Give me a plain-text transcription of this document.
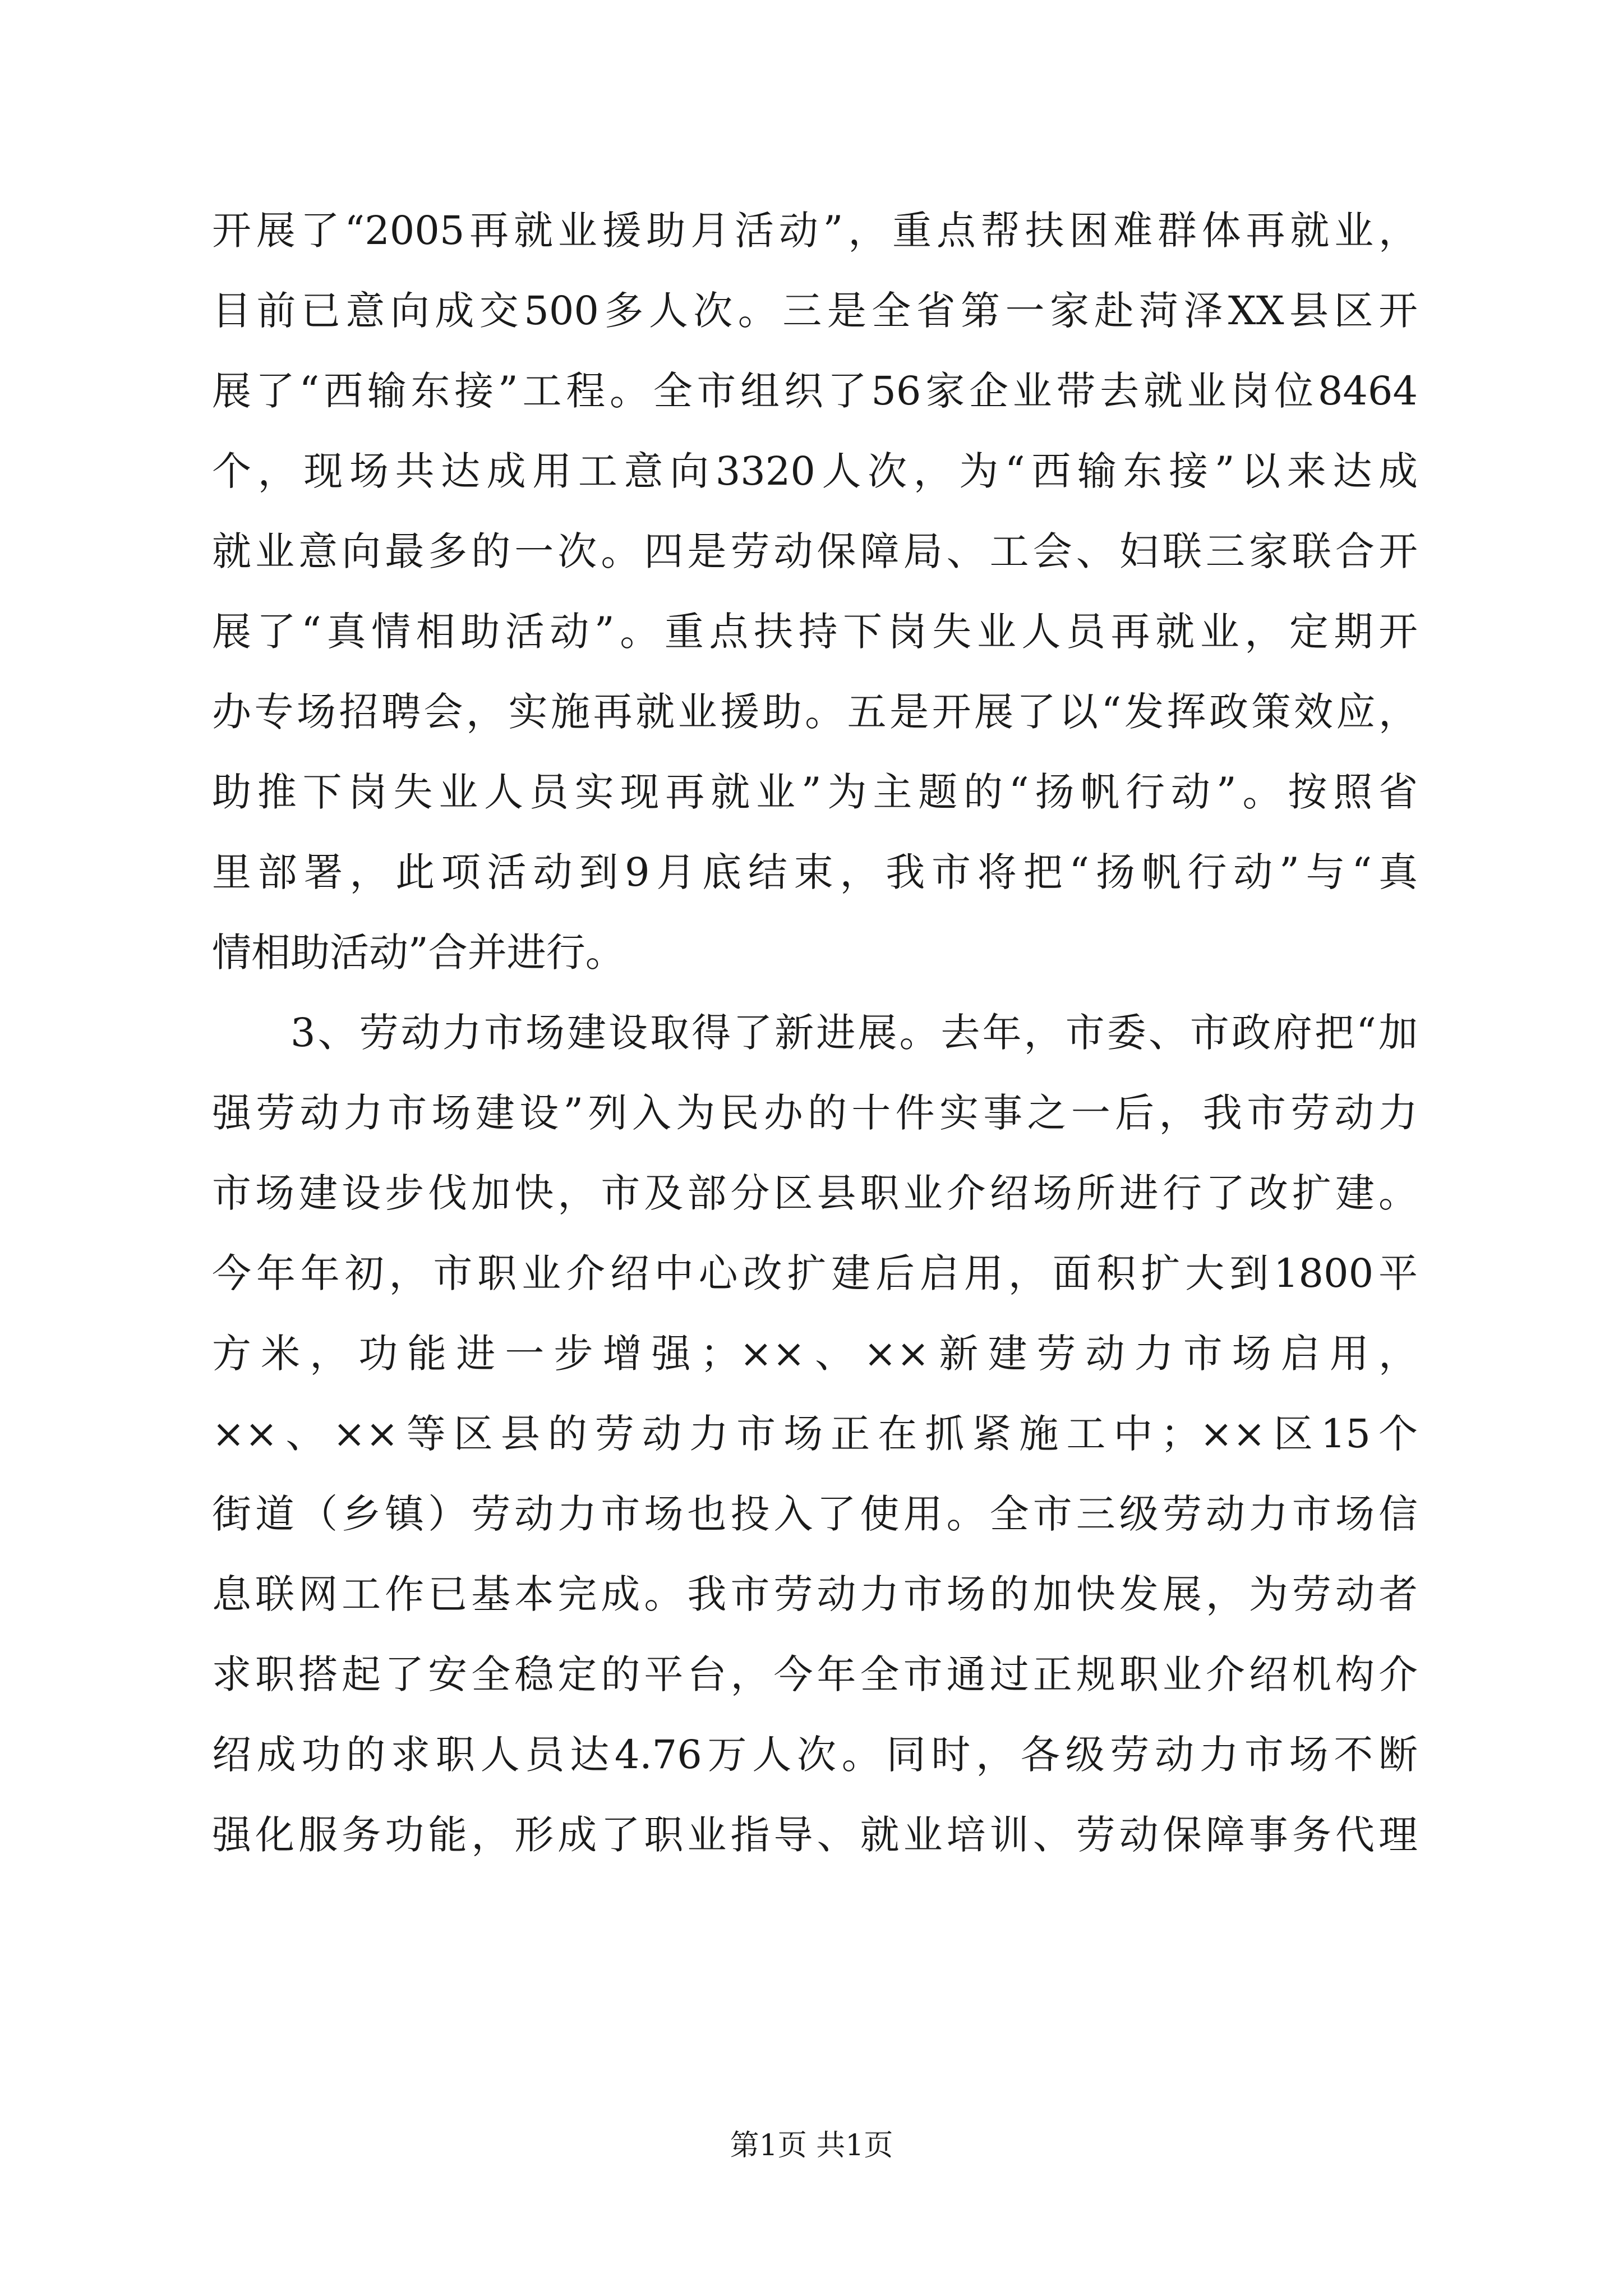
开展了“2005再就业援助月活动”，重点帮扶困难群体再就业，
目前已意向成交500多人次。三是全省第一家赴菏泽XX县区开
展了“西输东接”工程。全市组织了56家企业带去就业岗位8464
个，现场共达成用工意向3320人次，为“西输东接”以来达成
就业意向最多的一次。四是劳动保障局、工会、妇联三家联合开
展了“真情相助活动”。重点扶持下岗失业人员再就业，定期开
办专场招聘会，实施再就业援助。五是开展了以“发挥政策效应，
助推下岗失业人员实现再就业”为主题的“扬帆行动”。按照省
里部署，此项活动到9月底结束，我市将把“扬帆行动”与“真
情相助活动”合并进行。
3、劳动力市场建设取得了新进展。去年，市委、市政府把“加
强劳动力市场建设”列入为民办的十件实事之一后，我市劳动力
市场建设步伐加快，市及部分区县职业介绍场所进行了改扩建。
今年年初，市职业介绍中心改扩建后启用，面积扩大到1800平
方米，功能进一步增强；××、××新建劳动力市场启用，
××、××等区县的劳动力市场正在抓紧施工中；××区15个
街道（乡镇）劳动力市场也投入了使用。全市三级劳动力市场信
息联网工作已基本完成。我市劳动力市场的加快发展，为劳动者
求职搭起了安全稳定的平台，今年全市通过正规职业介绍机构介
绍成功的求职人员达4.76万人次。同时，各级劳动力市场不断
强化服务功能，形成了职业指导、就业培训、劳动保障事务代理
第1页 共1页
